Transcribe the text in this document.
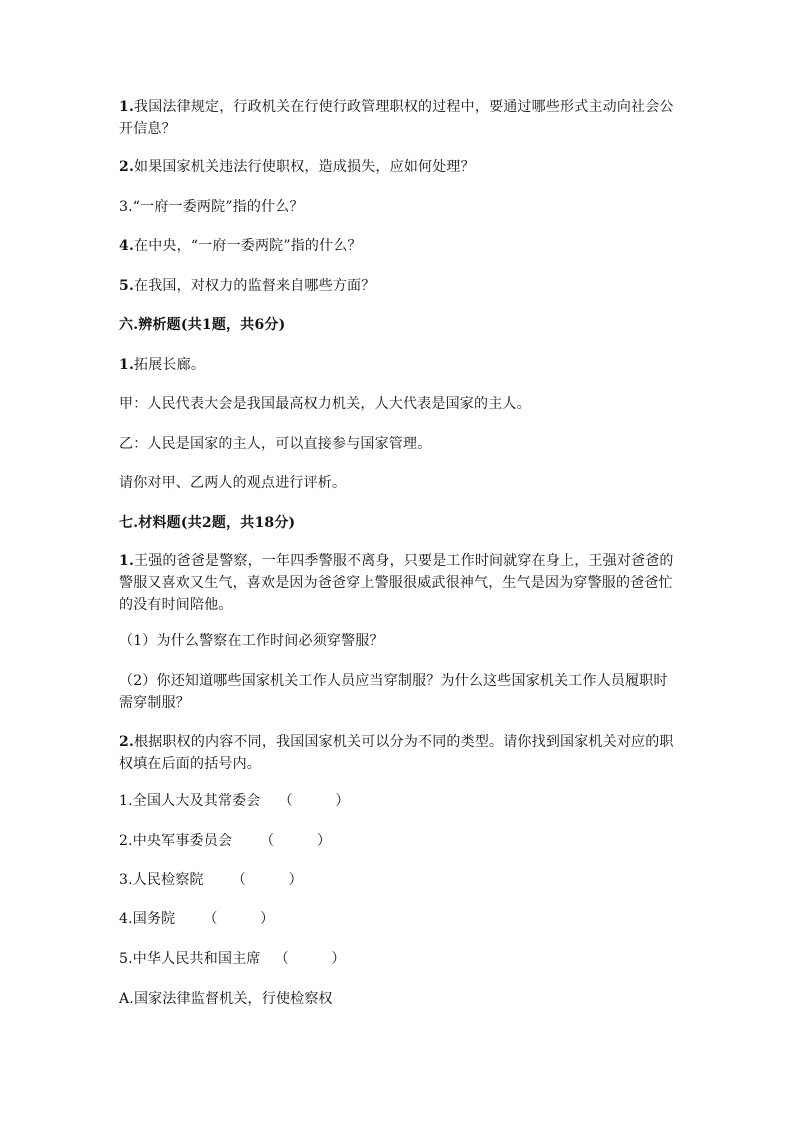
1.我国法律规定，行政机关在行使行政管理职权的过程中，要通过哪些形式主动向社会公开信息？
2.如果国家机关违法行使职权，造成损失，应如何处理？
3.“一府一委两院”指的什么？
4.在中央，“一府一委两院”指的什么？
5.在我国，对权力的监督来自哪些方面？
六.辨析题(共1题，共6分)
1.拓展长廊。
甲：人民代表大会是我国最高权力机关，人大代表是国家的主人。
乙：人民是国家的主人，可以直接参与国家管理。
请你对甲、乙两人的观点进行评析。
七.材料题(共2题，共18分)
1.王强的爸爸是警察，一年四季警服不离身，只要是工作时间就穿在身上，王强对爸爸的警服又喜欢又生气，喜欢是因为爸爸穿上警服很威武很神气，生气是因为穿警服的爸爸忙的没有时间陪他。
（1）为什么警察在工作时间必须穿警服？
（2）你还知道哪些国家机关工作人员应当穿制服？为什么这些国家机关工作人员履职时需穿制服？
2.根据职权的内容不同，我国国家机关可以分为不同的类型。请你找到国家机关对应的职权填在后面的括号内。
1.全国人大及其常委会 （　　　）
2.中央军事委员会 （　　　）
3.人民检察院 （　　　）
4.国务院 （　　　）
5.中华人民共和国主席 （　　　）
A.国家法律监督机关，行使检察权
